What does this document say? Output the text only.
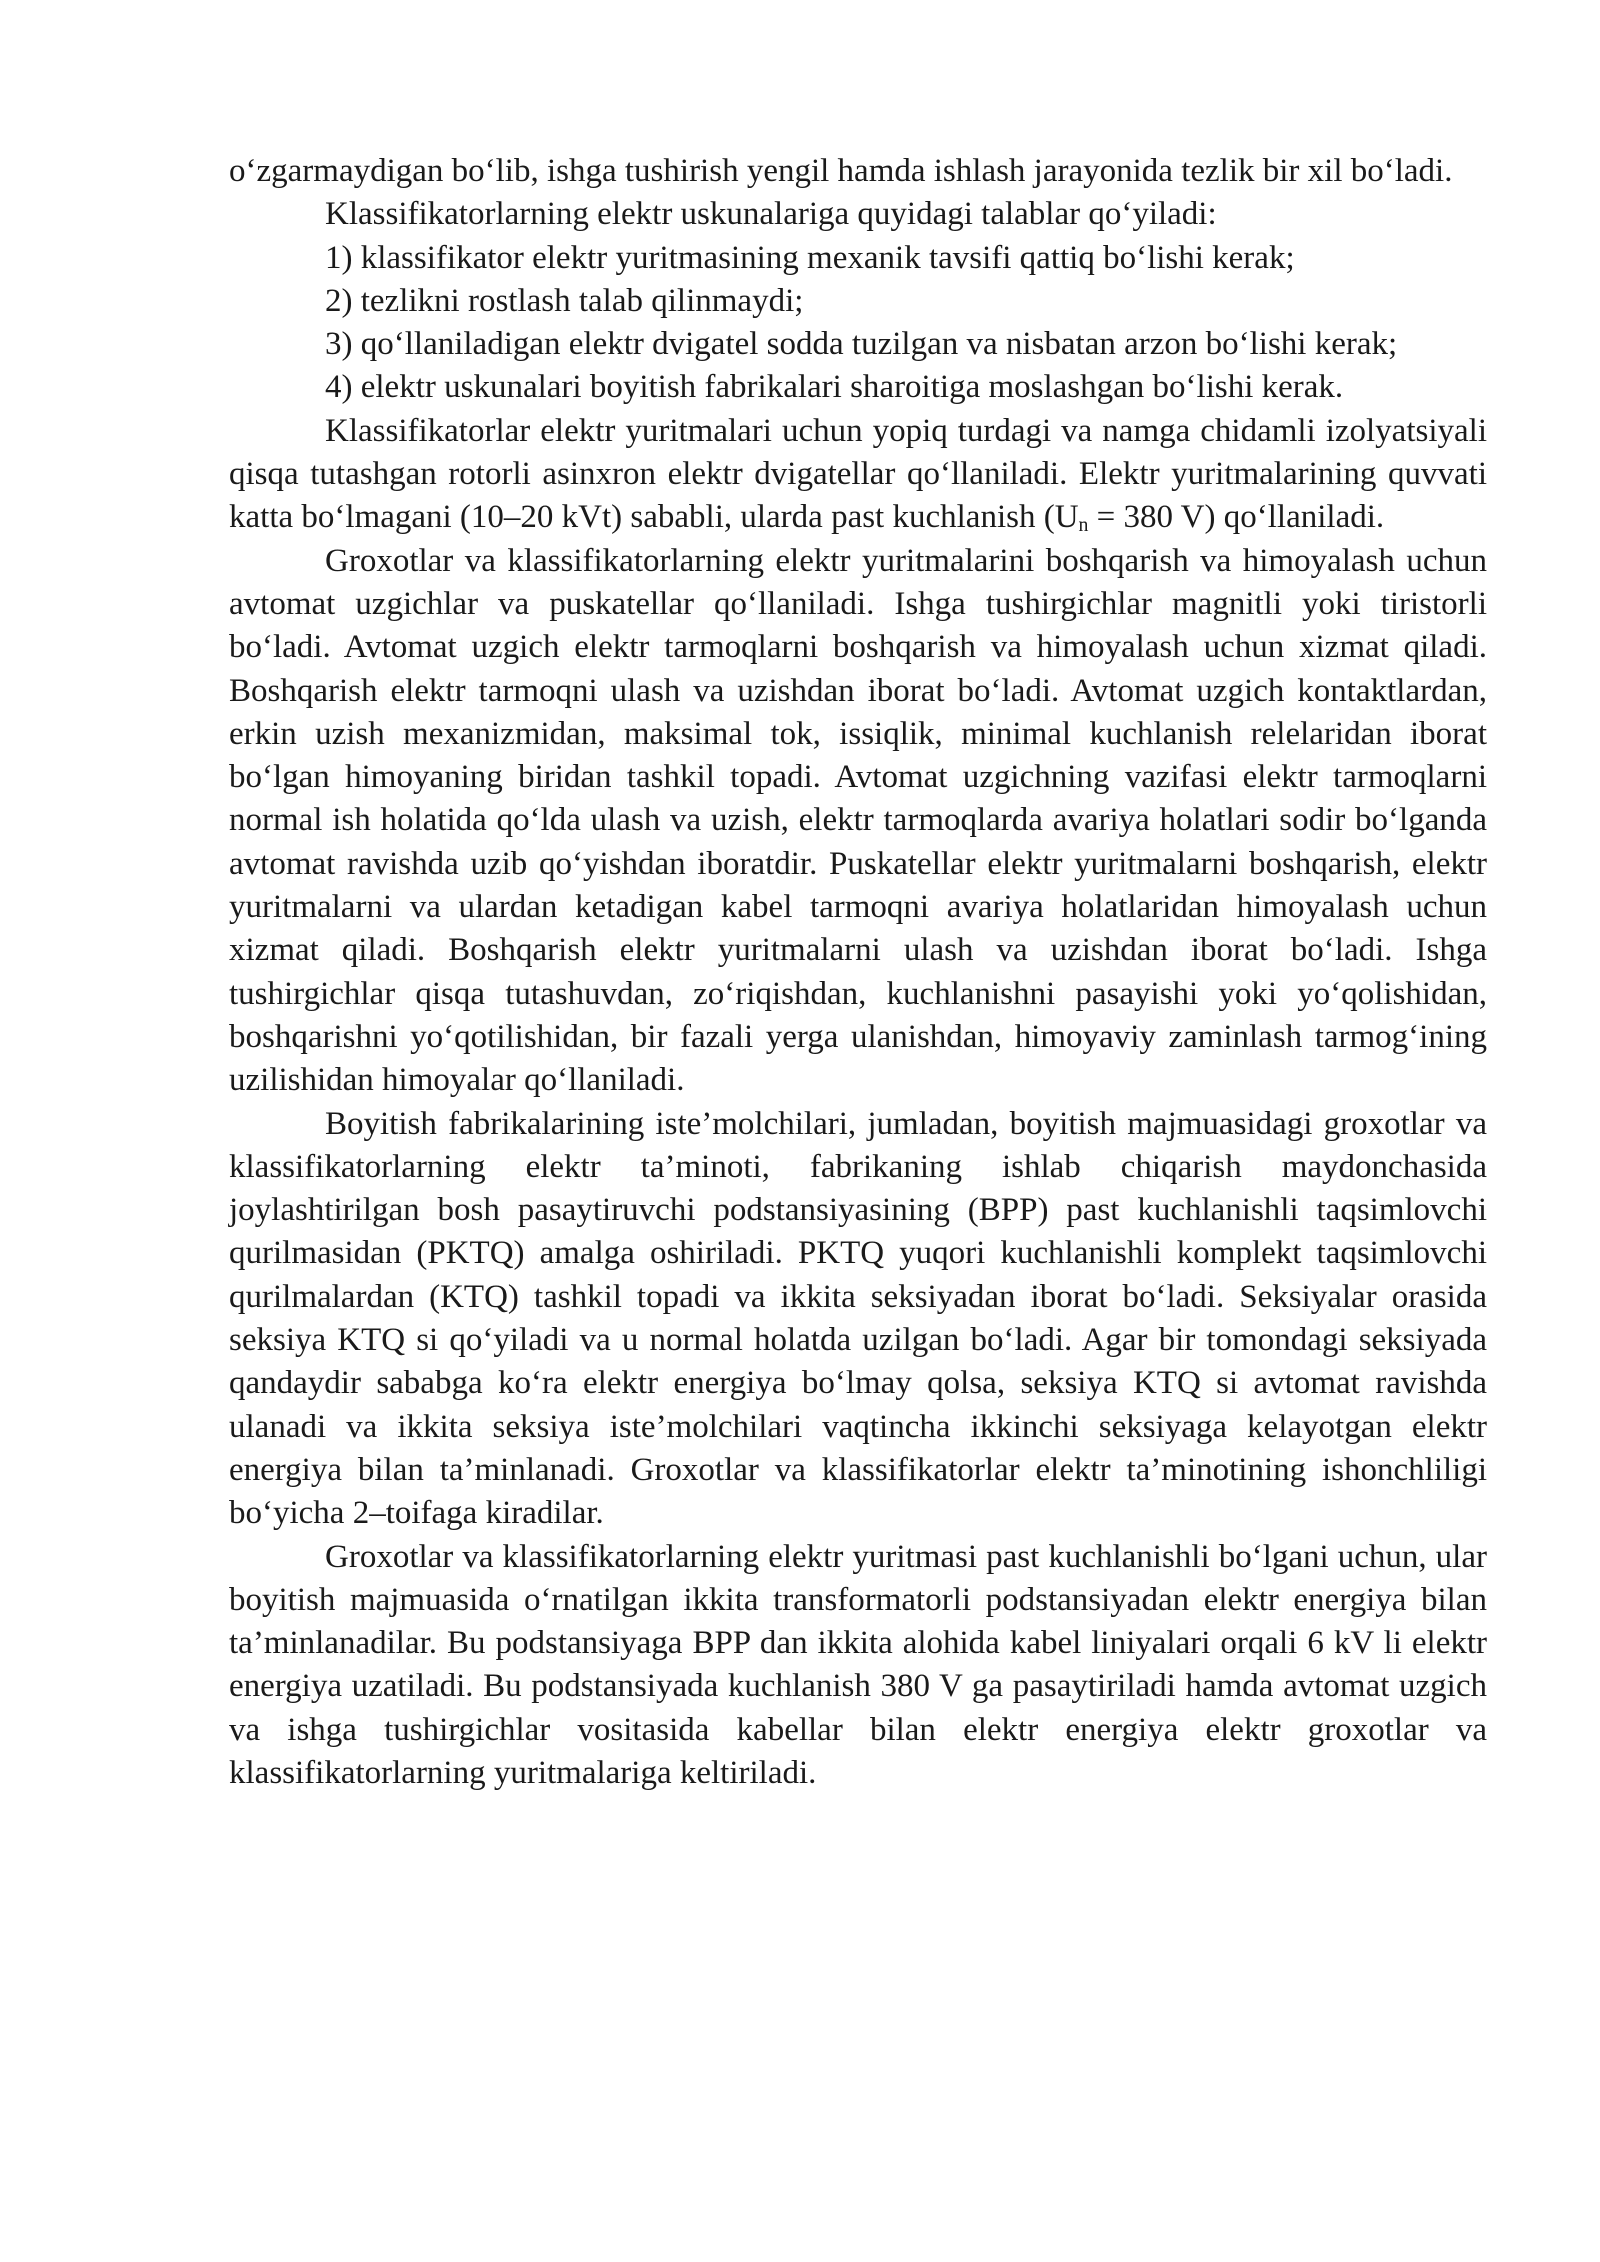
o‘zgarmaydigan bo‘lib, ishga tushirish yengil hamda ishlash jarayonida tezlik bir xil bo‘ladi.

Klassifikatorlarning elektr uskunalariga quyidagi talablar qo‘yiladi:

1) klassifikator elektr yuritmasining mexanik tavsifi qattiq bo‘lishi kerak;

2) tezlikni rostlash talab qilinmaydi;

3) qo‘llaniladigan elektr dvigatel sodda tuzilgan va nisbatan arzon bo‘lishi kerak;

4) elektr uskunalari boyitish fabrikalari sharoitiga moslashgan bo‘lishi kerak.

Klassifikatorlar elektr yuritmalari uchun yopiq turdagi va namga chidamli izolyatsiyali qisqa tutashgan rotorli asinxron elektr dvigatellar qo‘llaniladi. Elektr yuritmalarining quvvati katta bo‘lmagani (10–20 kVt) sababli, ularda past kuchlanish ($U_n = 380$ V) qo‘llaniladi.

Groxotlar va klassifikatorlarning elektr yuritmalarini boshqarish va himoyalash uchun avtomat uzgichlar va puskatellar qo‘llaniladi. Ishga tushirgichlar magnitli yoki tiristorli bo‘ladi. Avtomat uzgich elektr tarmoqlarni boshqarish va himoyalash uchun xizmat qiladi. Boshqarish elektr tarmoqni ulash va uzishdan iborat bo‘ladi. Avtomat uzgich kontaktlardan, erkin uzish mexanizmidan, maksimal tok, issiqlik, minimal kuchlanish relelaridan iborat bo‘lgan himoyaning biridan tashkil topadi. Avtomat uzgichning vazifasi elektr tarmoqlarni normal ish holatida qo‘lda ulash va uzish, elektr tarmoqlarda avariya holatlari sodir bo‘lganda avtomat ravishda uzib qo‘yishdan iboratdir. Puskatellar elektr yuritmalarni boshqarish, elektr yuritmalarni va ulardan ketadigan kabel tarmoqni avariya holatlaridan himoyalash uchun xizmat qiladi. Boshqarish elektr yuritmalarni ulash va uzishdan iborat bo‘ladi. Ishga tushirgichlar qisqa tutashuvdan, zo‘riqishdan, kuchlanishni pasayishi yoki yo‘qolishidan, boshqarishni yo‘qotilishidan, bir fazali yerga ulanishdan, himoyaviy zaminlash tarmog‘ining uzilishidan himoyalar qo‘llaniladi.

Boyitish fabrikalarining iste’molchilari, jumladan, boyitish majmuasidagi groxotlar va klassifikatorlarning elektr ta’minoti, fabrikaning ishlab chiqarish maydonchasida joylashtirilgan bosh pasaytiruvchi podstansiyasining (BPP) past kuchlanishli taqsimlovchi qurilmasidan (PKTQ) amalga oshiriladi. PKTQ yuqori kuchlanishli komplekt taqsimlovchi qurilmalardan (KTQ) tashkil topadi va ikkita seksiyadan iborat bo‘ladi. Seksiyalar orasida seksiya KTQ si qo‘yiladi va u normal holatda uzilgan bo‘ladi. Agar bir tomondagi seksiyada qandaydir sababga ko‘ra elektr energiya bo‘lmay qolsa, seksiya KTQ si avtomat ravishda ulanadi va ikkita seksiya iste’molchilari vaqtincha ikkinchi seksiyaga kelayotgan elektr energiya bilan ta’minlanadi. Groxotlar va klassifikatorlar elektr ta’minotining ishonchliligi bo‘yicha 2–toifaga kiradilar.

Groxotlar va klassifikatorlarning elektr yuritmasi past kuchlanishli bo‘lgani uchun, ular boyitish majmuasida o‘rnatilgan ikkita transformatorli podstansiyadan elektr energiya bilan ta’minlanadilar. Bu podstansiyaga BPP dan ikkita alohida kabel liniyalari orqali 6 kV li elektr energiya uzatiladi. Bu podstansiyada kuchlanish 380 V ga pasaytiriladi hamda avtomat uzgich va ishga tushirgichlar vositasida kabellar bilan elektr energiya elektr groxotlar va klassifikatorlarning yuritmalariga keltiriladi.
